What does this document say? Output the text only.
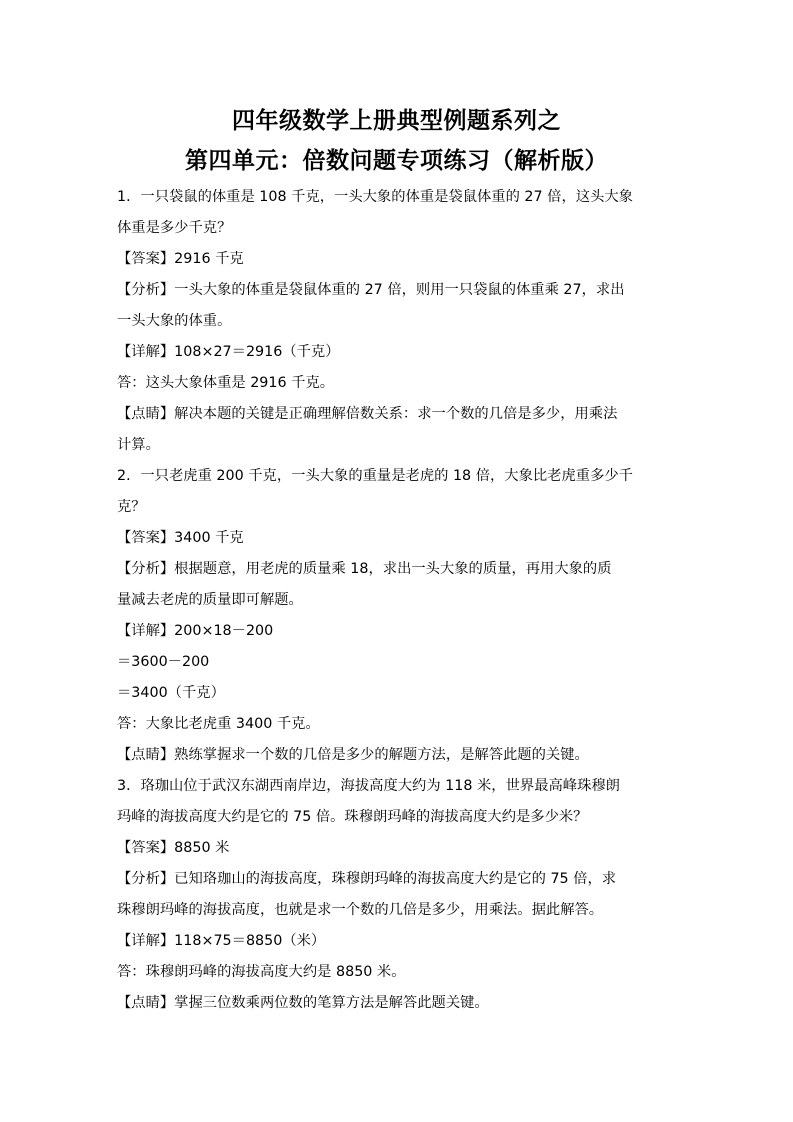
四年级数学上册典型例题系列之
第四单元：倍数问题专项练习（解析版）
1．一只袋鼠的体重是 108 千克，一头大象的体重是袋鼠体重的 27 倍，这头大象
体重是多少千克？
【答案】2916 千克
【分析】一头大象的体重是袋鼠体重的 27 倍，则用一只袋鼠的体重乘 27，求出
一头大象的体重。
【详解】108×27＝2916（千克）
答：这头大象体重是 2916 千克。
【点睛】解决本题的关键是正确理解倍数关系：求一个数的几倍是多少，用乘法
计算。
2．一只老虎重 200 千克，一头大象的重量是老虎的 18 倍，大象比老虎重多少千
克？
【答案】3400 千克
【分析】根据题意，用老虎的质量乘 18，求出一头大象的质量，再用大象的质
量减去老虎的质量即可解题。
【详解】200×18－200
＝3600－200
＝3400（千克）
答：大象比老虎重 3400 千克。
【点睛】熟练掌握求一个数的几倍是多少的解题方法，是解答此题的关键。
3．珞珈山位于武汉东湖西南岸边，海拔高度大约为 118 米，世界最高峰珠穆朗
玛峰的海拔高度大约是它的 75 倍。珠穆朗玛峰的海拔高度大约是多少米？
【答案】8850 米
【分析】已知珞珈山的海拔高度，珠穆朗玛峰的海拔高度大约是它的 75 倍，求
珠穆朗玛峰的海拔高度，也就是求一个数的几倍是多少，用乘法。据此解答。
【详解】118×75＝8850（米）
答：珠穆朗玛峰的海拔高度大约是 8850 米。
【点睛】掌握三位数乘两位数的笔算方法是解答此题关键。
